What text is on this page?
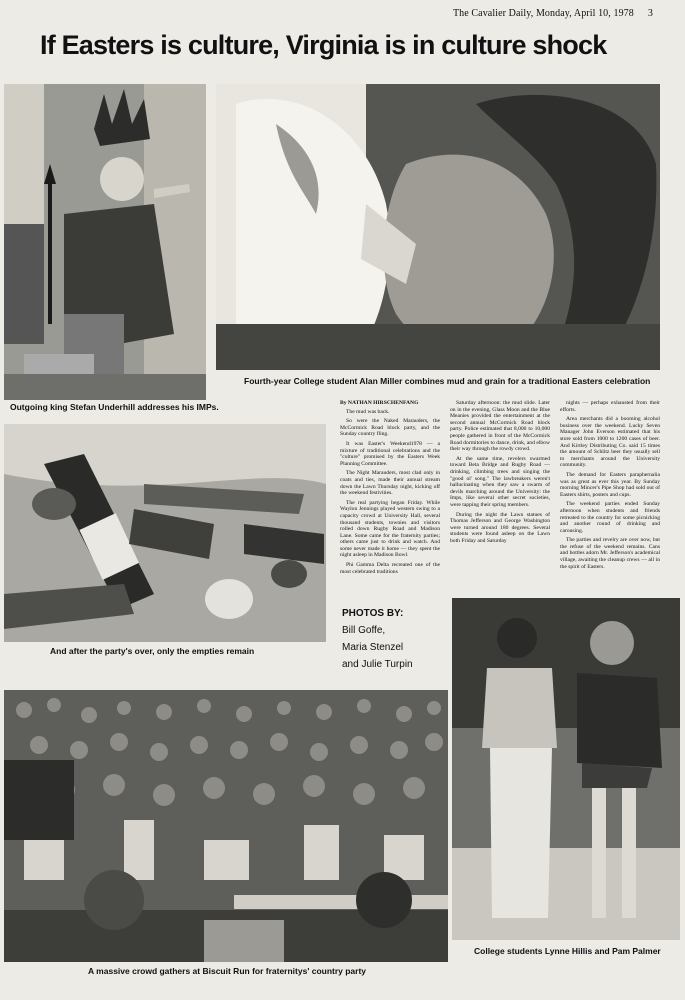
The Cavalier Daily, Monday, April 10, 1978 3
If Easters is culture, Virginia is in culture shock
Outgoing king Stefan Underhill addresses his IMPs.
Fourth-year College student Alan Miller combines mud and grain for a traditional Easters celebration
And after the party's over, only the empties remain
By NATHAN HIRSCHENFANG

The mud was back.

So were the Naked Marauders, the McCormick Road block party, and the Sunday country fling.

It was Easter's Weekend1978 — a mixture of traditional celebrations and the "culture" promised by the Easters Week Planning Committee.

The Night Marauders, most clad only in coats and ties, made their annual stream down the Lawn Thursday night, kicking off the weekend festivities.

The real partying began Friday. While Waylon Jennings played western swing to a capacity crowd at University Hall, several thousand students, townies and visitors rolled down Rugby Road and Madison Lane. Some came for the fraternity parties; others came just to drink and watch. And some never made it home — they spent the night asleep in Madison Bowl.

Phi Gamma Delta recreated one of the most celebrated traditions

Saturday afternoon: the mud slide. Later on in the evening, Glass Moon and the Blue Meanies provided the entertainment at the second annual McCormick Road block party. Police estimated that 8,000 to 10,000 people gathered in front of the McCormick Road dormitories to dance, drink, and elbow their way through the rowdy crowd.

At the same time, revelers swarmed toward Beta Bridge and Rugby Road — drinking, climbing trees and singing the "good ol' song." The lawbreakers weren't hallucinating when they saw a swarm of devils marching around the University: the Imps, like several other secret societies, were tapping their spring members.

During the night the Lawn statues of Thomas Jefferson and George Washington were turned around 180 degrees. Several students were found asleep on the Lawn both Friday and Saturday

nights — perhaps exhausted from their efforts.

Area merchants did a booming alcohol business over the weekend. Lucky Seven Manager John Everson estimated that his store sold from 1000 to 1200 cases of beer. And Kirtley Distributing Co. said 15 times the amount of Schlitz beer they usually sell to merchants around the University community.

The demand for Easters paraphernalia was as great as ever this year. By Sunday morning Mincer's Pipe Shop had sold out of Easters shirts, posters and cups.

The weekend parties ended Sunday afternoon when students and friends retreated to the country for some picnicking and another round of drinking and carousing.

The parties and revelry are over now, but the refuse of the weekend remains. Cans and bottles adorn Mr. Jefferson's academical village, awaiting the cleanup crews — all in the spirit of Easters.

PHOTOS BY:
Bill Goffe,
Maria Stenzel
and Julie Turpin
College students Lynne Hillis and Pam Palmer
A massive crowd gathers at Biscuit Run for fraternitys' country party
